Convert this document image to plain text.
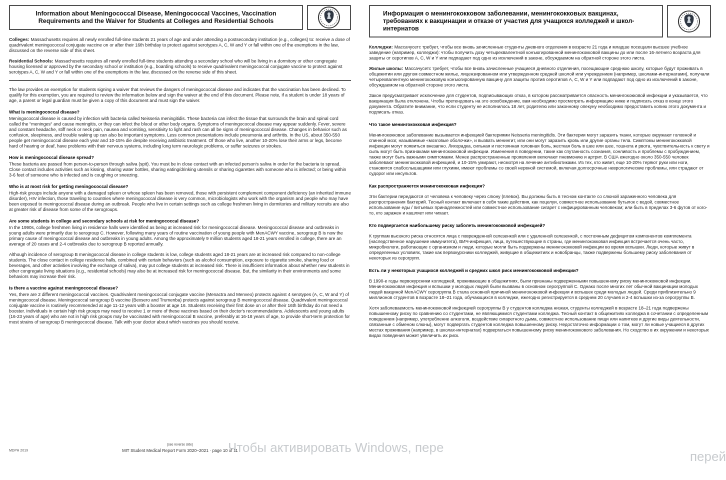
Information about Meningococcal Disease, Meningococcal Vaccines, Vaccination Requirements and the Waiver for Students at Colleges and Residential Schools

Colleges: Massachusetts requires all newly enrolled full-time students 21 years of age and under attending a postsecondary institution (e.g., colleges) to: receive a dose of quadrivalent meningococcal conjugate vaccine on or after their 16th birthday to protect against serotypes A, C, W and Y or fall within one of the exemptions in the law, discussed on the reverse side of this sheet.

Residential Schools: Massachusetts requires all newly enrolled full-time students attending a secondary school who will be living in a dormitory or other congregate housing licensed or approved by the secondary school or institution (e.g., boarding schools) to receive quadrivalent meningococcal conjugate vaccine to protect against serotypes A, C, W and Y or fall within one of the exemptions in the law, discussed on the reverse side of this sheet.

The law provides an exemption for students signing a waiver that reviews the dangers of meningococcal disease and indicates that the vaccination has been declined. To qualify for this exemption, you are required to review the information below and sign the waiver at the end of this document. Please note, if a student is under 18 years of age, a parent or legal guardian must be given a copy of this document and must sign the waiver.

What is meningococcal disease?

Meningococcal disease is caused by infection with bacteria called Neisseria meningitidis. These bacteria can infect the tissue that surrounds the brain and spinal cord called the "meninges" and cause meningitis, or they can infect the blood or other body organs. Symptoms of meningococcal disease may appear suddenly. Fever, severe and constant headache, stiff neck or neck pain, nausea and vomiting, sensitivity to light and rash can all be signs of meningococcal disease. Changes in behavior such as confusion, sleepiness, and trouble waking up can also be important symptoms. Less common presentations include pneumonia and arthritis. In the US, about 350-550 people get meningococcal disease each year and 10-15% die despite receiving antibiotic treatment. Of those who live, another 10-20% lose their arms or legs, become hard of hearing or deaf, have problems with their nervous systems, including long term neurologic problems, or suffer seizures or strokes.

How is meningococcal disease spread?

These bacteria are passed from person-to-person through saliva (spit). You must be in close contact with an infected person's saliva in order for the bacteria to spread. Close contact includes activities such as kissing, sharing water bottles, sharing eating/drinking utensils or sharing cigarettes with someone who is infected; or being within 3-6 feet of someone who is infected and is coughing or sneezing.

Who is at most risk for getting meningococcal disease?

High-risk groups include anyone with a damaged spleen or whose spleen has been removed, those with persistent complement component deficiency (an inherited immune disorder), HIV infection, those traveling to countries where meningococcal disease is very common, microbiologists who work with the organism and people who may have been exposed to meningococcal disease during an outbreak. People who live in certain settings such as college freshmen living in dormitories and military recruits are also at greater risk of disease from some of the serogroups.

Are some students in college and secondary schools at risk for meningococcal disease?

In the 1990s, college freshmen living in residence halls were identified as being at increased risk for meningococcal disease. Meningococcal disease and outbreaks in young adults were primarily due to serogroup C. However, following many years of routine vaccination of young people with MenACWY vaccine, serogroup B is now the primary cause of meningococcal disease and outbreaks in young adults. Among the approximately 9 million students aged 18-21 years enrolled in college, there are an average of 20 cases and 2-4 outbreaks due to serogroup B reported annually.

Although incidence of serogroup B meningococcal disease in college students is low, college students aged 18-21 years are at increased risk compared to non-college students. The close contact in college residence halls, combined with certain behaviors (such as alcohol consumption, exposure to cigarette smoke, sharing food or beverages, and other activities involving the exchange of saliva), may put college students at increased risk. There is insufficient information about whether new students in other congregate living situations (e.g., residential schools) may also be at increased risk for meningococcal disease. But, the similarity in their environments and some behaviors may increase their risk.

Is there a vaccine against meningococcal disease?

Yes, there are 2 different meningococcal vaccines. Quadrivalent meningococcal conjugate vaccine (Menactra and Menveo) protects against 4 serotypes (A, C, W and Y) of meningococcal disease. Meningococcal serogroup B vaccine (Bexsero and Trumenba) protects against serogroup B meningococcal disease. Quadrivalent meningococcal conjugate vaccine is routinely recommended at age 11-12 years with a booster at age 16. Students receiving their first dose on or after their 16th birthday do not need a booster. Individuals in certain high risk groups may need to receive 1 or more of these vaccines based on their doctor's recommendations. Adolescents and young adults (16-23 years of age) who are not in high risk groups may be vaccinated with meningococcal B vaccine, preferably at 16-18 years of age, to provide short-term protection for most strains of serogroup B meningococcal disease. Talk with your doctor about which vaccines you should receive.

MDPH 2019
(see reverse side)
MIT Student Medical Report Form 2020–2021 · page 10 of 11
Информация о менингококковом заболевании, менингококковых вакцинах, требованиях к вакцинации и отказе от участия для учащихся колледжей и школ-интернатов

Колледжи: Массачусетс требует, чтобы все вновь зачисленные студенты дневного отделения в возрасте 21 года и младше посещали высшее учебное заведение (например, колледжи): чтобы получить дозу четырехвалентной конъюгированной менингококковой вакцины до или после 16-летнего возраста для защиты от серотипов A, C, W и Y или подпадают под одно из исключений в законе, обсуждаемом на обратной стороне этого листа.

Жилые школы: Массачусетс требует, чтобы все вновь зачисленные учащиеся дневного отделения, посещающие среднюю школу, которые будут проживать в общежитии или другом совместном жилье, лицензированном или утвержденном средней школой или учреждением (например, школами-интернатами), получали четырехвалентную менингококковую конъюгированную вакцину для защиты против серотипов A, C, W и Y или подпадают под одно из исключений в законе, обсуждаемом на обратной стороне этого листа.

Закон предусматривает исключение для студентов, подписывающих отказ, в котором рассматривается опасность менингококковой инфекции и указывается, что вакцинация была отклонена. Чтобы претендовать на это освобождение, вам необходимо просмотреть информацию ниже и подписать отказ в конце этого документа. Обратите внимание, что если студенту не исполнилось 18 лет, родителю или законному опекуну необходимо предоставить копию этого документа и подписать отказ.

Что такое менингококковая инфекция?

Менингококковое заболевание вызывается инфекцией бактериями Neisseria meningitidis. Эти бактерии могут заразить ткани, которые окружают головной и спинной мозг, называемые «мозговые оболочки», и вызвать менингит, или они могут заразить кровь или другие органы тела. Симптомы менингококковой инфекции могут появиться внезапно. Лихорадка, сильная и постоянная головная боль, жесткая боль в шее или шее, тошнота и рвота, чувствительность к свету и сыпь могут быть признаками менингококковой инфекции. Изменения в поведении, такие как спутанность сознания, сонливость и проблемы с пробуждением, также могут быть важными симптомами. Менее распространенные проявления включают пневмонию и артрит. В США ежегодно около 350-550 человек заболевают менингококковой инфекцией, и 10-15% умирают, несмотря на лечение антибиотиками. Из тех, кто живет, еще 10-20% теряют руки или ноги, становятся слабослышащими или глухими, имеют проблемы со своей нервной системой, включая долгосрочные неврологические проблемы, или страдают от судорог или инсультов.

Как распространяется менингококковая инфекция?

Эти бактерии передаются от человека к человеку через слюну (плевок). Вы должны быть в тесном контакте со слюной зараженного человека для распространения бактерий. Тесный контакт включает в себя такие действия, как поцелуи, совместное использование бутылок с водой, совместное использование еды / питьевых принадлежностей или совместное использование сигарет с инфицированным человеком; или быть в пределах 3-6 футов от кого-то, кто заражен и кашляет или чихает.

Кто подвергается наибольшему риску заболеть менингококковой инфекцией?

К группам высокого риска относятся лица с поврежденной селезенкой или с удаленной селезенкой, с постоянным дефицитом компонентов комплемента (наследственное нарушение иммунитета), ВИЧ-инфекция, лица, путешествующие в страны, где менингококковая инфекция встречается очень часто, микробиологи, работающие с организмом и люди, которые могли быть подвержены менингококковой инфекции во время вспышки. Люди, которые живут в определенных условиях, такие как первокурсники колледжей, живущие в общежитиях и новобранцы, также подвержены большему риску заболевания от некоторых из серогрупп.

Есть ли у некоторых учащихся колледжей и средних школ риск менингококковой инфекции?

В 1990-е годы первокурсники колледжей, проживающие в общежитиях, были признаны подверженными повышенному риску менингококковой инфекции. Менингококковая инфекция и вспышки у молодых людей были вызваны в основном серогруппой C. Однако после многих лет обычной вакцинации молодых людей вакциной MenACWY серогруппа B стала основной причиной менингококковой инфекции и вспышек среди молодых людей. Среди приблизительно 9 миллионов студентов в возрасте 18–21 года, обучающихся в колледже, ежегодно регистрируется в среднем 20 случаев и 2-4 вспышки из-за серогруппы B.

Хотя заболеваемость менингококковой инфекцией серогруппы B у студентов колледжа низкая, студенты колледжей в возрасте 18–21 года подвержены повышенному риску по сравнению со студентами, не являющимися студентами колледжа. Тесный контакт в общежитиях колледжа в сочетании с определенным поведением (например, употребление алкоголя, воздействие сигаретного дыма, совместное использование пищи или напитков и другие виды деятельности, связанные с обменом слюны), могут подвергать студентов колледжа повышенному риску. Недостаточно информации о том, могут ли новые учащиеся в других местах проживания (например, в школах-интернатах) подвергаться повышенному риску менингококкового заболевания. Но сходство в их окружении и некоторых видах поведения может увеличить их риск.

Чтобы активировать Windows, пере
перей
